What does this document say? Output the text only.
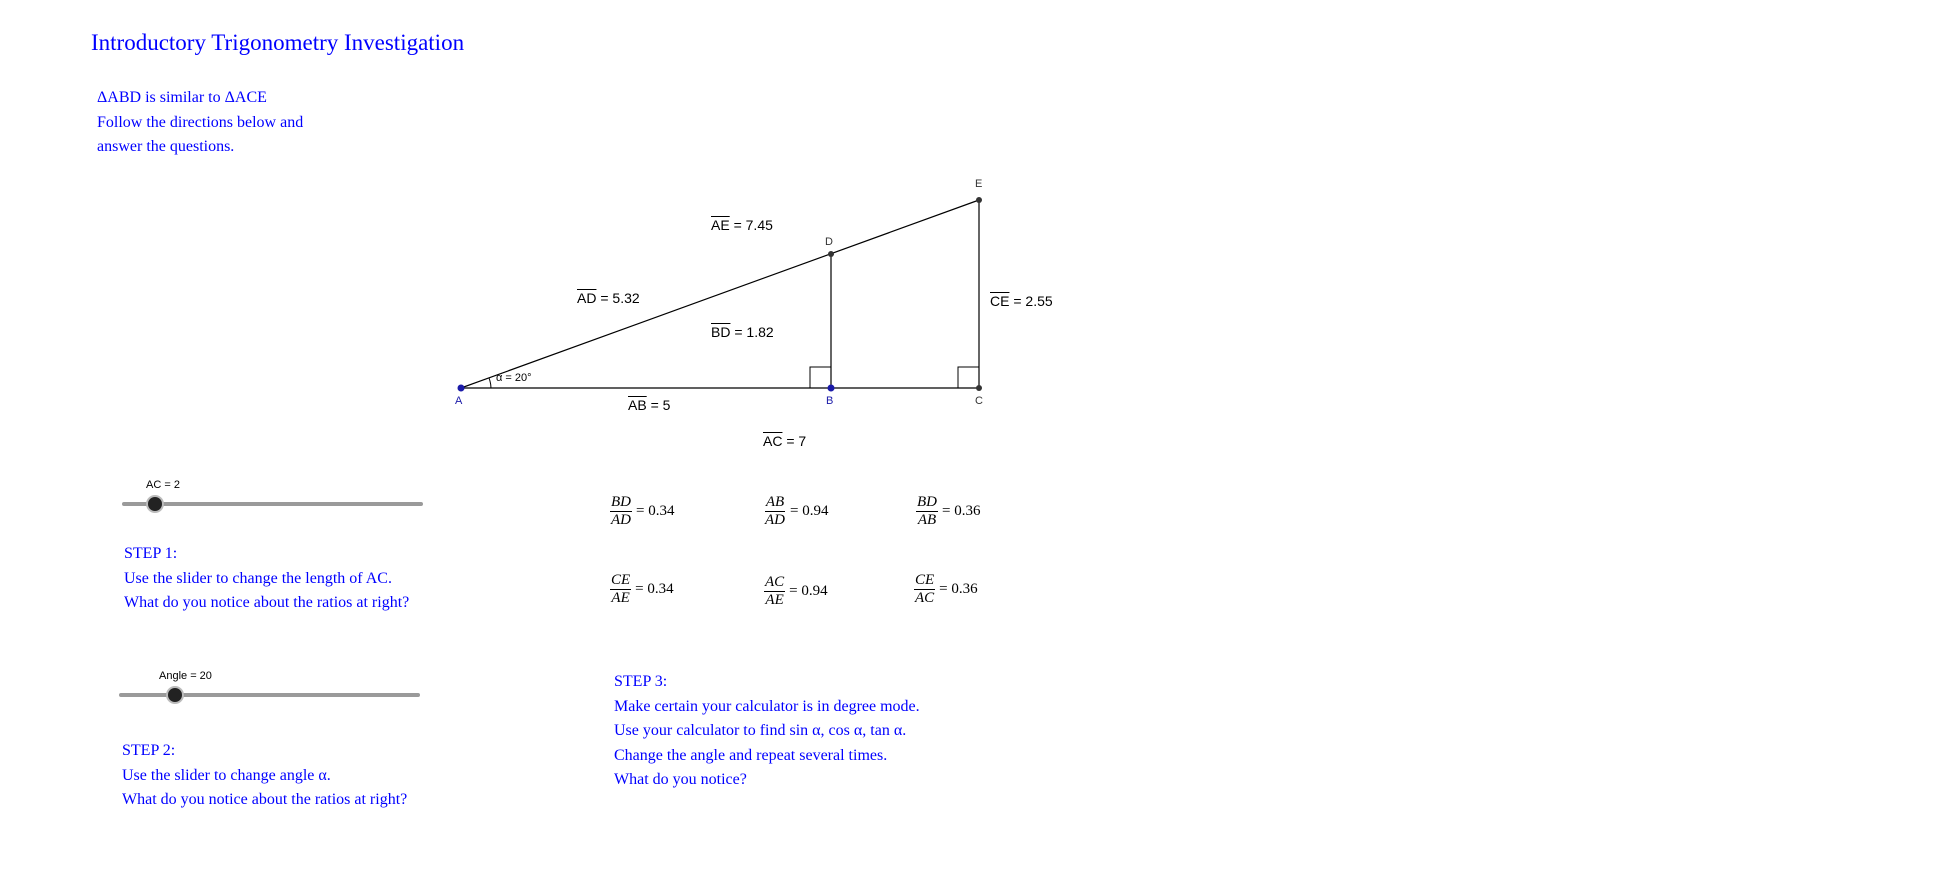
Introductory Trigonometry Investigation
ΔABD is similar to ΔACE
Follow the directions below and
answer the questions.
A	B	C
D
E
α = 20°
$\overline{AE} = 7.45$
$\overline{AD} = 5.32$
$\overline{BD} = 1.82$
$\overline{CE} = 2.55$
$\overline{AB} = 5$
$\overline{AC} = 7$
AC = 2
STEP 1:
Use the slider to change the length of AC.
What do you notice about the ratios at right?
Angle = 20
STEP 2:
Use the slider to change angle α.
What do you notice about the ratios at right?
$\frac{BD}{AD} = 0.34$	$\frac{AB}{AD} = 0.94$	$\frac{BD}{AB} = 0.36$
$\frac{CE}{AE} = 0.34$	$\frac{AC}{AE} = 0.94$	$\frac{CE}{AC} = 0.36$
STEP 3:
Make certain your calculator is in degree mode.
Use your calculator to find sin α, cos α, tan α.
Change the angle and repeat several times.
What do you notice?
